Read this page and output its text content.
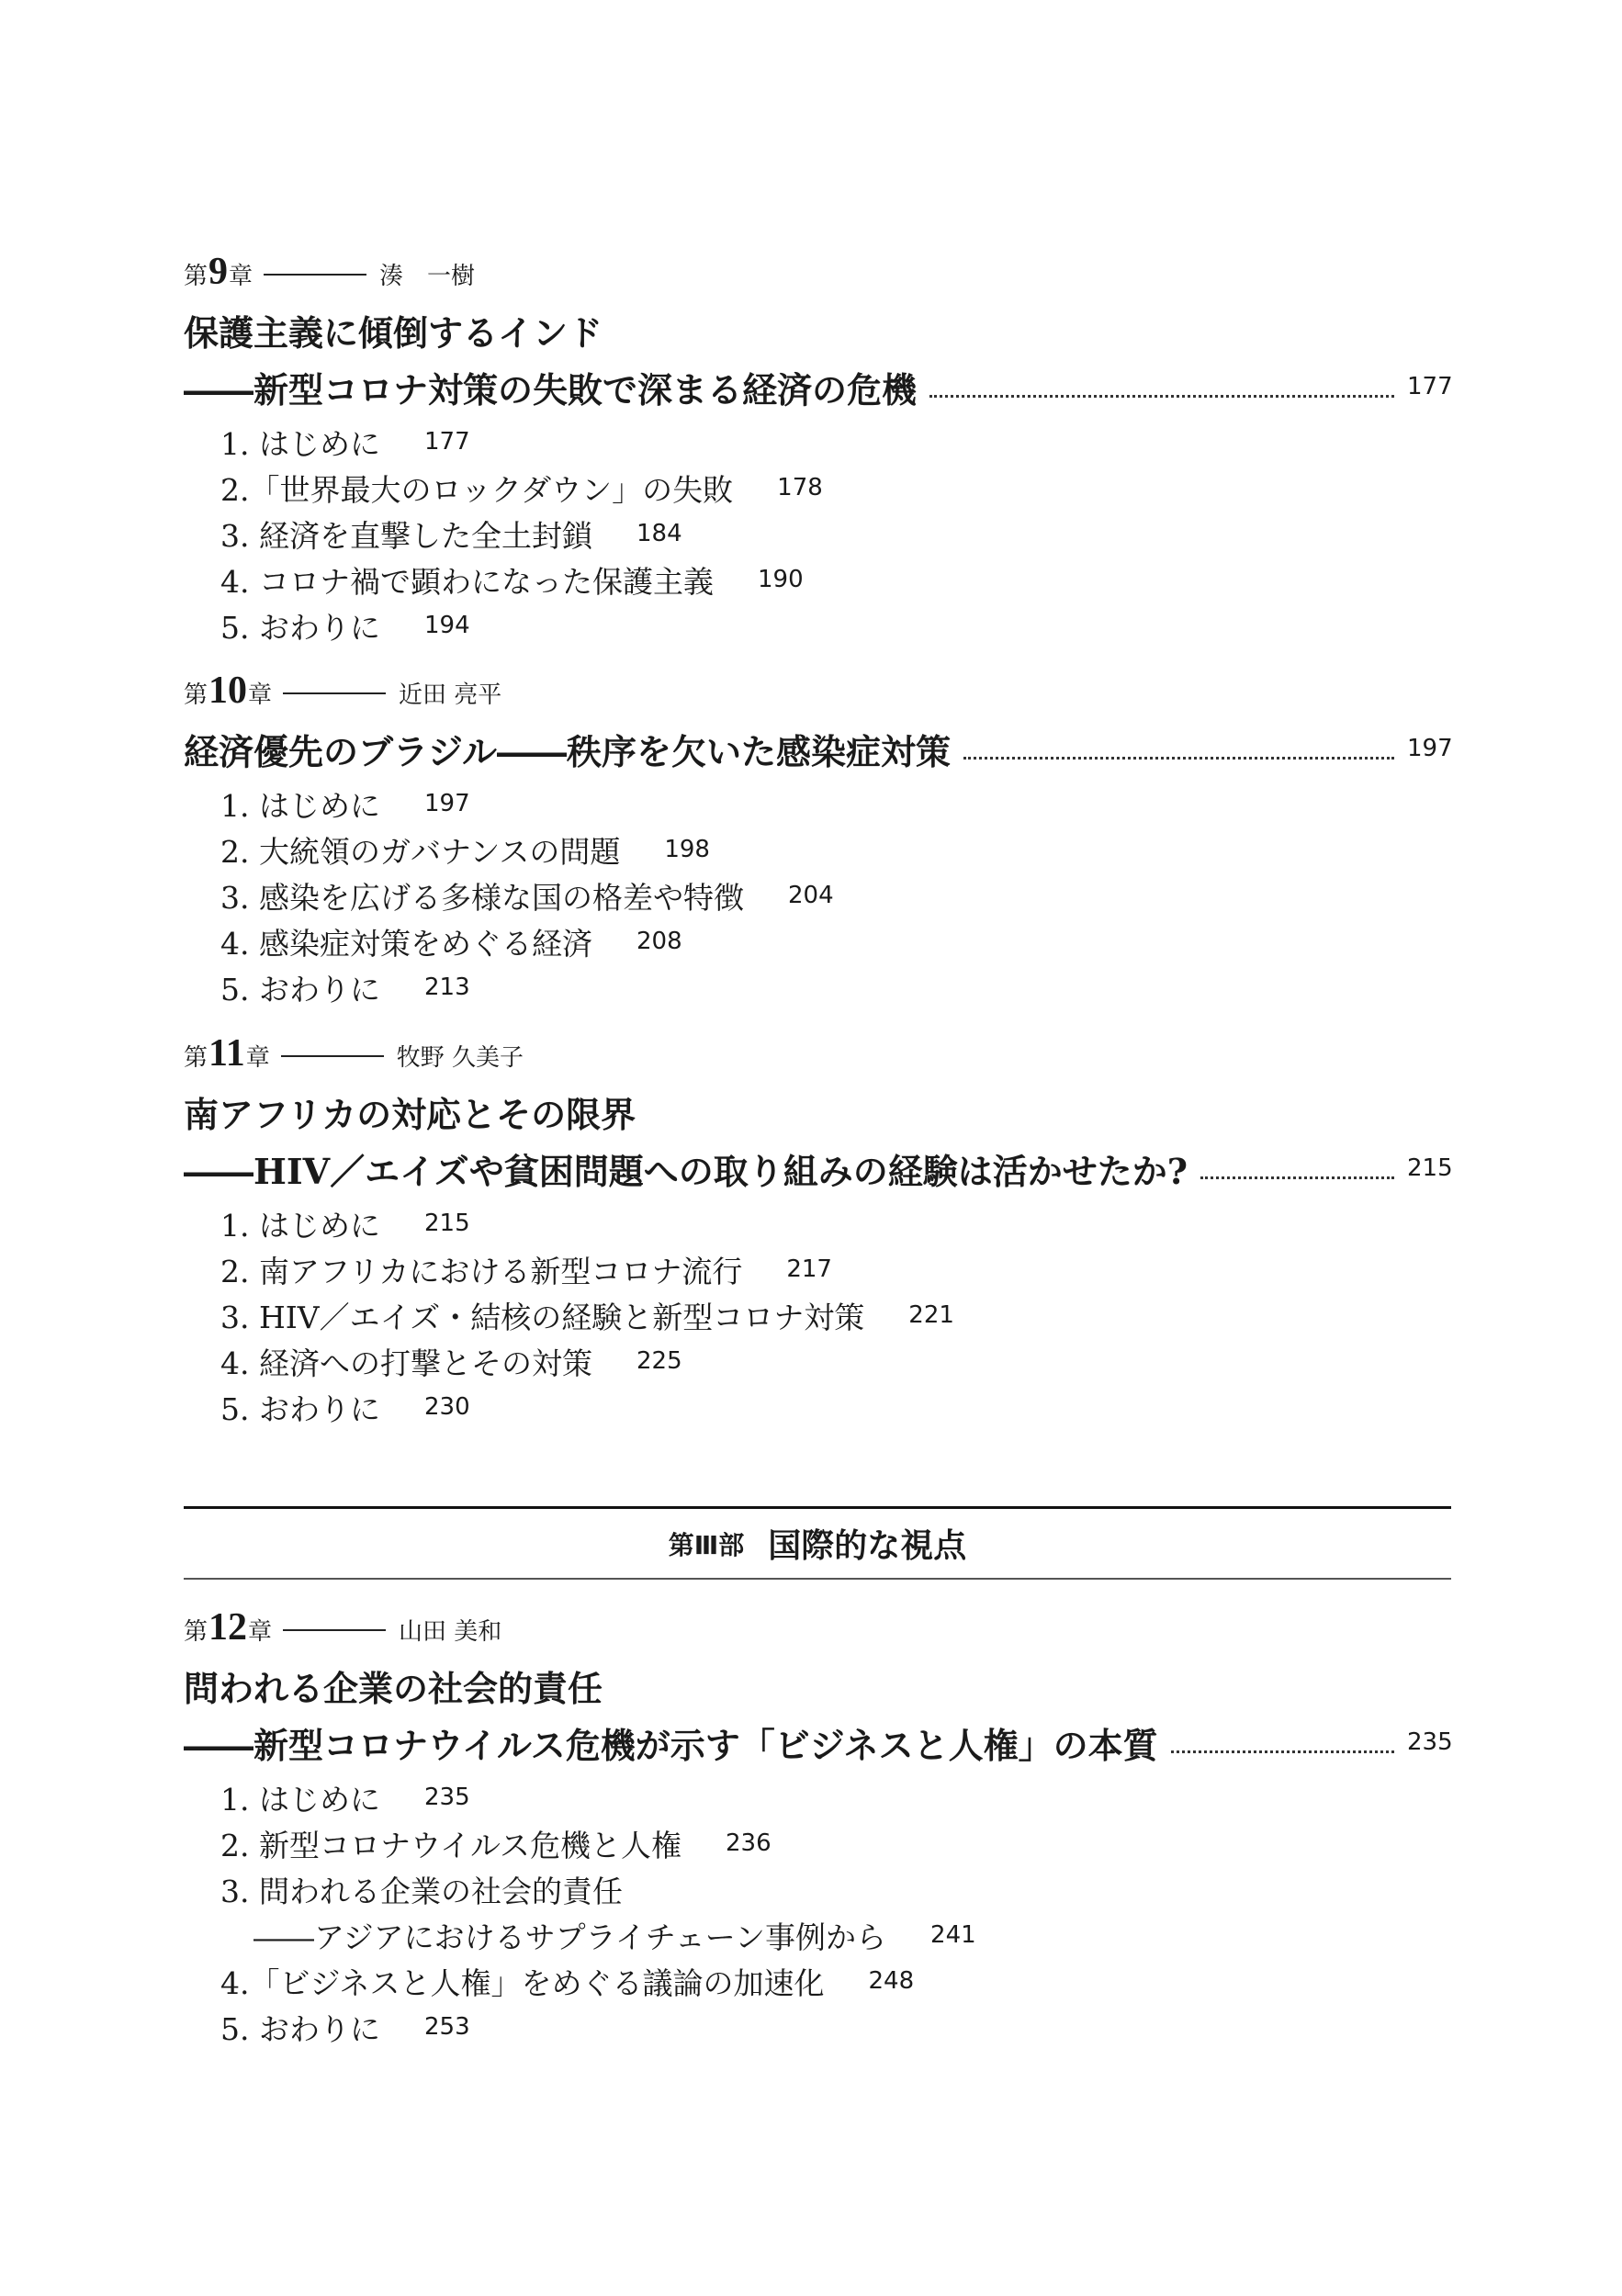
第 9 章	湊　一樹
保護主義に傾倒するインド
――新型コロナ対策の失敗で深まる経済の危機	177
1. はじめに 177
2.「世界最大のロックダウン」の失敗 178
3. 経済を直撃した全土封鎖 184
4. コロナ禍で顕わになった保護主義 190
5. おわりに 194
第 10 章	近田 亮平
経済優先のブラジル――秩序を欠いた感染症対策	197
1. はじめに 197
2. 大統領のガバナンスの問題 198
3. 感染を広げる多様な国の格差や特徴 204
4. 感染症対策をめぐる経済 208
5. おわりに 213
第 11 章	牧野 久美子
南アフリカの対応とその限界
――HIV／エイズや貧困問題への取り組みの経験は活かせたか?	215
1. はじめに 215
2. 南アフリカにおける新型コロナ流行 217
3. HIV／エイズ・結核の経験と新型コロナ対策 221
4. 経済への打撃とその対策 225
5. おわりに 230
第Ⅲ部 国際的な視点
第 12 章	山田 美和
問われる企業の社会的責任
――新型コロナウイルス危機が示す「ビジネスと人権」の本質	235
1. はじめに 235
2. 新型コロナウイルス危機と人権 236
3. 問われる企業の社会的責任
――アジアにおけるサプライチェーン事例から 241
4.「ビジネスと人権」をめぐる議論の加速化 248
5. おわりに 253
